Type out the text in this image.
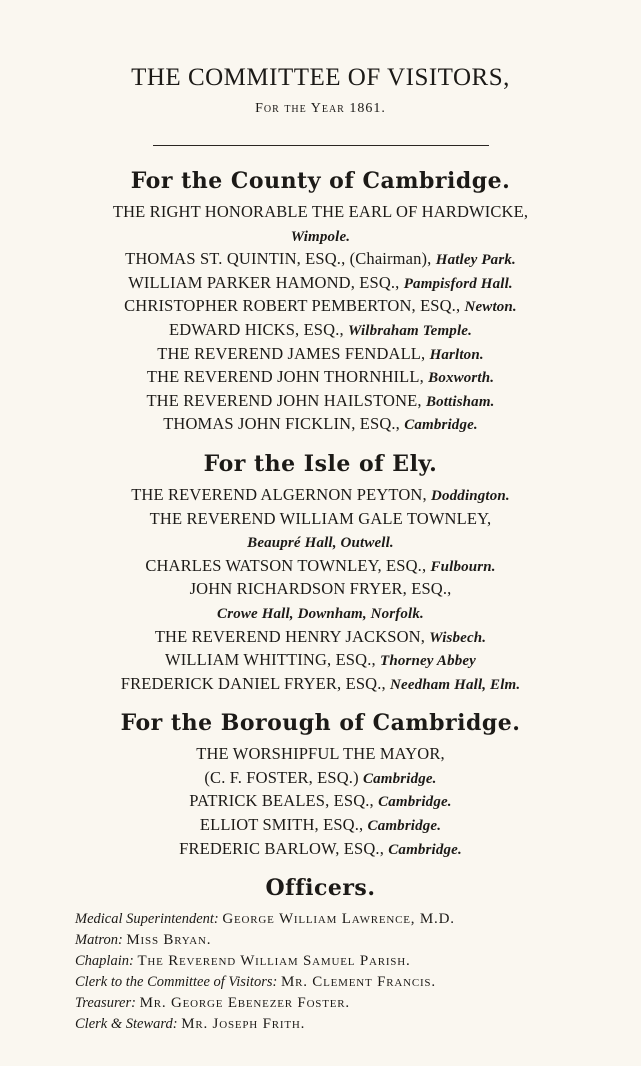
THE COMMITTEE OF VISITORS,
For the Year 1861.
For the County of Cambridge.
THE RIGHT HONORABLE THE EARL OF HARDWICKE,
Wimpole.
THOMAS ST. QUINTIN, ESQ., (Chairman), Hatley Park.
WILLIAM PARKER HAMOND, ESQ., Pampisford Hall.
CHRISTOPHER ROBERT PEMBERTON, ESQ., Newton.
EDWARD HICKS, ESQ., Wilbraham Temple.
THE REVEREND JAMES FENDALL, Harlton.
THE REVEREND JOHN THORNHILL, Boxworth.
THE REVEREND JOHN HAILSTONE, Bottisham.
THOMAS JOHN FICKLIN, ESQ., Cambridge.
For the Isle of Ely.
THE REVEREND ALGERNON PEYTON, Doddington.
THE REVEREND WILLIAM GALE TOWNLEY,
Beaupré Hall, Outwell.
CHARLES WATSON TOWNLEY, ESQ., Fulbourn.
JOHN RICHARDSON FRYER, ESQ.,
Crowe Hall, Downham, Norfolk.
THE REVEREND HENRY JACKSON, Wisbech.
WILLIAM WHITTING, ESQ., Thorney Abbey
FREDERICK DANIEL FRYER, ESQ., Needham Hall, Elm.
For the Borough of Cambridge.
THE WORSHIPFUL THE MAYOR,
(C. F. FOSTER, ESQ.) Cambridge.
PATRICK BEALES, ESQ., Cambridge.
ELLIOT SMITH, ESQ., Cambridge.
FREDERIC BARLOW, ESQ., Cambridge.
Officers.
Medical Superintendent: George William Lawrence, M.D.
Matron: Miss Bryan.
Chaplain: The Reverend William Samuel Parish.
Clerk to the Committee of Visitors: Mr. Clement Francis.
Treasurer: Mr. George Ebenezer Foster.
Clerk & Steward: Mr. Joseph Frith.
